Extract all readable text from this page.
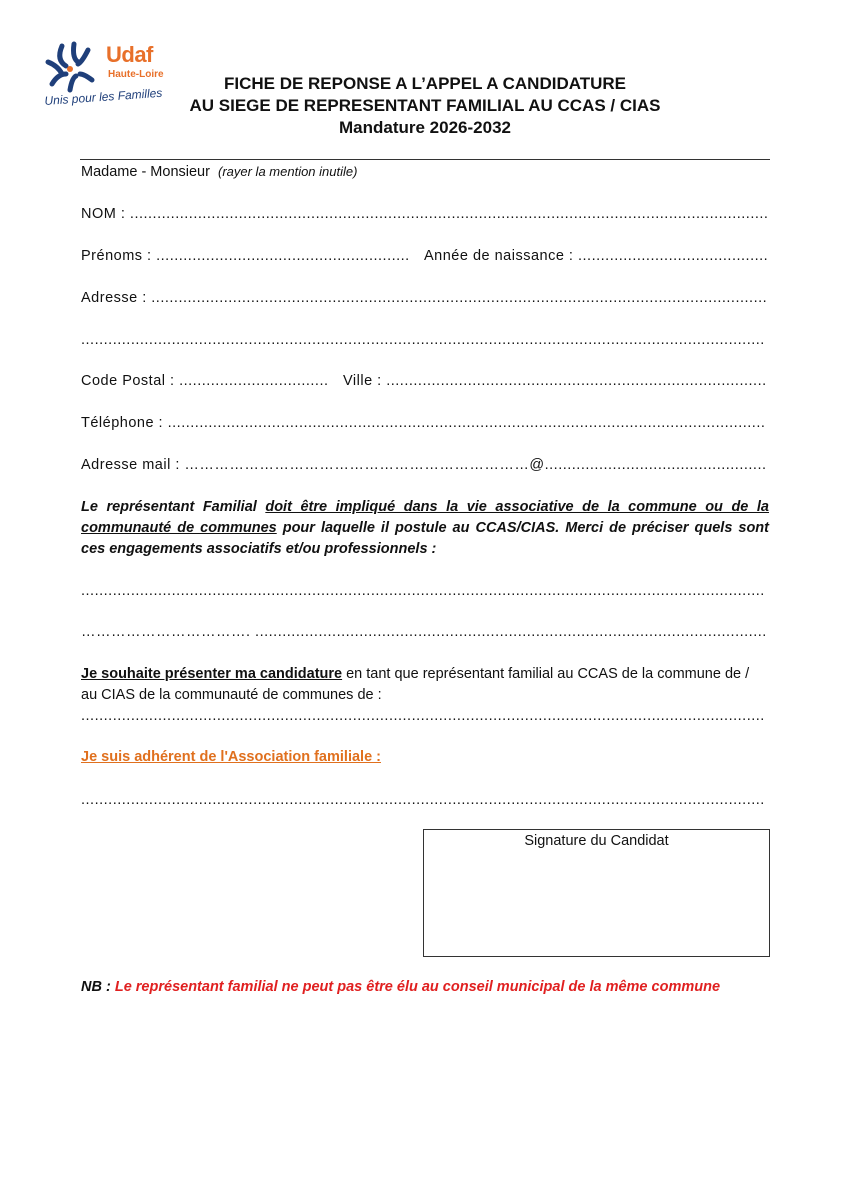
Udaf
Haute-Loire
Unis pour les Familles
FICHE DE REPONSE A L’APPEL A CANDIDATURE
AU SIEGE DE REPRESENTANT FAMILIAL AU CCAS / CIAS
Mandature 2026-2032
Madame - Monsieur (rayer la mention inutile)
NOM : .............................................................................................................................................
Prénoms : ........................................................ Année de naissance : ..........................................
Adresse : ........................................................................................................................................
.......................................................................................................................................................
Code Postal : ................................. Ville : ....................................................................................
Téléphone : ....................................................................................................................................
Adresse mail : ……………………………………………………………@.................................................
Le représentant Familial doit être impliqué dans la vie associative de la commune ou de la communauté de communes pour laquelle il postule au CCAS/CIAS. Merci de préciser quels sont ces engagements associatifs et/ou professionnels :
.......................................................................................................................................................
……………………………. .................................................................................................................
Je souhaite présenter ma candidature en tant que représentant familial au CCAS de la commune de / au CIAS de la communauté de communes de :
.......................................................................................................................................................
Je suis adhérent de l'Association familiale :
.......................................................................................................................................................
Signature du Candidat
NB : Le représentant familial ne peut pas être élu au conseil municipal de la même commune
